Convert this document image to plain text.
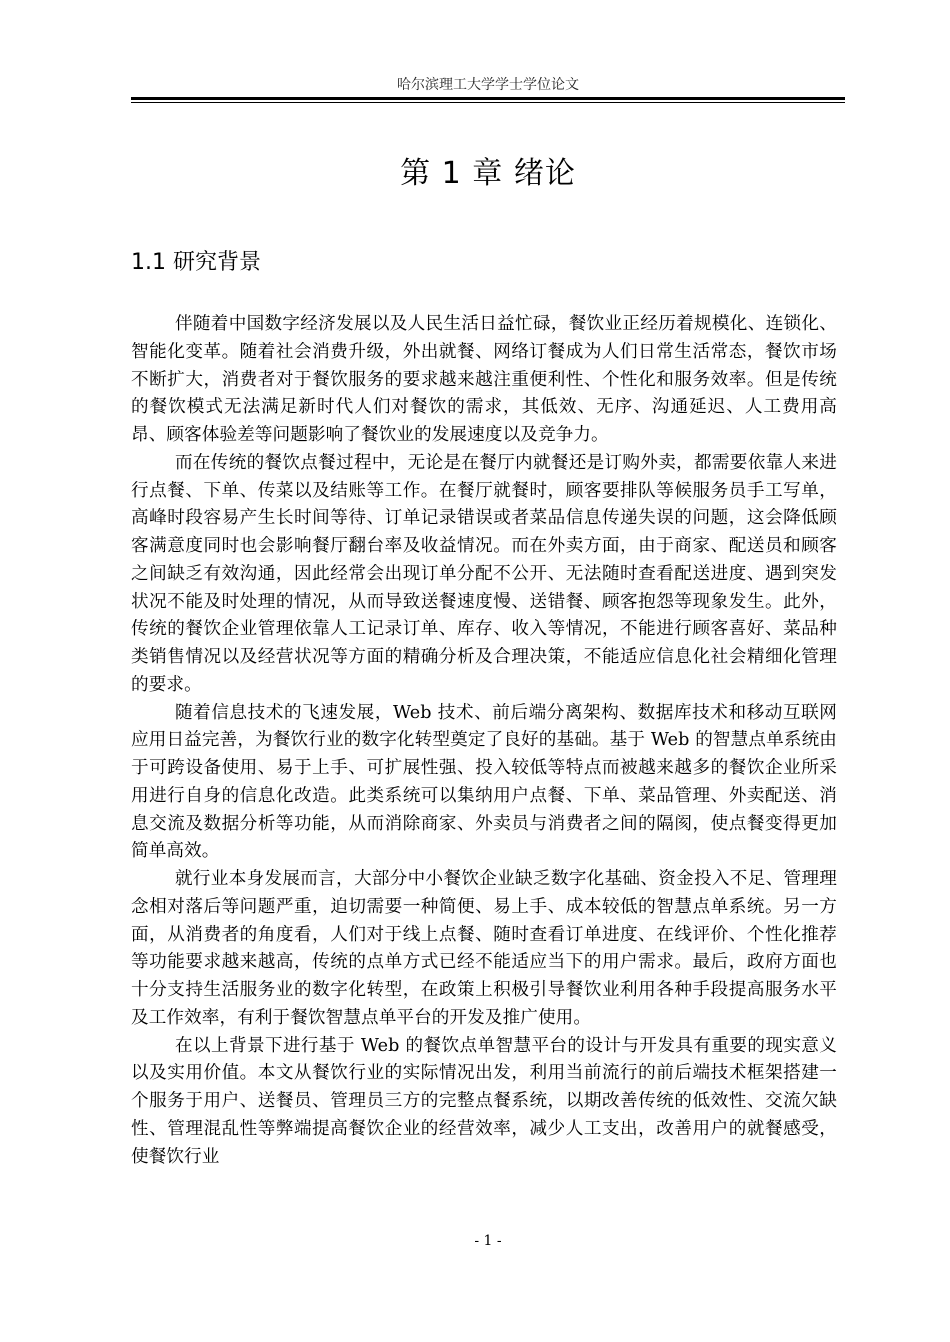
哈尔滨理工大学学士学位论文
第 1 章 绪论
1.1 研究背景

伴随着中国数字经济发展以及人民生活日益忙碌，餐饮业正经历着规模化、连锁化、智能化变革。随着社会消费升级，外出就餐、网络订餐成为人们日常生活常态，餐饮市场不断扩大，消费者对于餐饮服务的要求越来越注重便利性、个性化和服务效率。但是传统的餐饮模式无法满足新时代人们对餐饮的需求，其低效、无序、沟通延迟、人工费用高昂、顾客体验差等问题影响了餐饮业的发展速度以及竞争力。

而在传统的餐饮点餐过程中，无论是在餐厅内就餐还是订购外卖，都需要依靠人来进行点餐、下单、传菜以及结账等工作。在餐厅就餐时，顾客要排队等候服务员手工写单，高峰时段容易产生长时间等待、订单记录错误或者菜品信息传递失误的问题，这会降低顾客满意度同时也会影响餐厅翻台率及收益情况。而在外卖方面，由于商家、配送员和顾客之间缺乏有效沟通，因此经常会出现订单分配不公开、无法随时查看配送进度、遇到突发状况不能及时处理的情况，从而导致送餐速度慢、送错餐、顾客抱怨等现象发生。此外，传统的餐饮企业管理依靠人工记录订单、库存、收入等情况，不能进行顾客喜好、菜品种类销售情况以及经营状况等方面的精确分析及合理决策，不能适应信息化社会精细化管理的要求。

随着信息技术的飞速发展，Web 技术、前后端分离架构、数据库技术和移动互联网应用日益完善，为餐饮行业的数字化转型奠定了良好的基础。基于 Web 的智慧点单系统由于可跨设备使用、易于上手、可扩展性强、投入较低等特点而被越来越多的餐饮企业所采用进行自身的信息化改造。此类系统可以集纳用户点餐、下单、菜品管理、外卖配送、消息交流及数据分析等功能，从而消除商家、外卖员与消费者之间的隔阂，使点餐变得更加简单高效。

就行业本身发展而言，大部分中小餐饮企业缺乏数字化基础、资金投入不足、管理理念相对落后等问题严重，迫切需要一种简便、易上手、成本较低的智慧点单系统。另一方面，从消费者的角度看，人们对于线上点餐、随时查看订单进度、在线评价、个性化推荐等功能要求越来越高，传统的点单方式已经不能适应当下的用户需求。最后，政府方面也十分支持生活服务业的数字化转型，在政策上积极引导餐饮业利用各种手段提高服务水平及工作效率，有利于餐饮智慧点单平台的开发及推广使用。

在以上背景下进行基于 Web 的餐饮点单智慧平台的设计与开发具有重要的现实意义以及实用价值。本文从餐饮行业的实际情况出发，利用当前流行的前后端技术框架搭建一个服务于用户、送餐员、管理员三方的完整点餐系统，以期改善传统的低效性、交流欠缺性、管理混乱性等弊端提高餐饮企业的经营效率，减少人工支出，改善用户的就餐感受，使餐饮行业

- 1 -
